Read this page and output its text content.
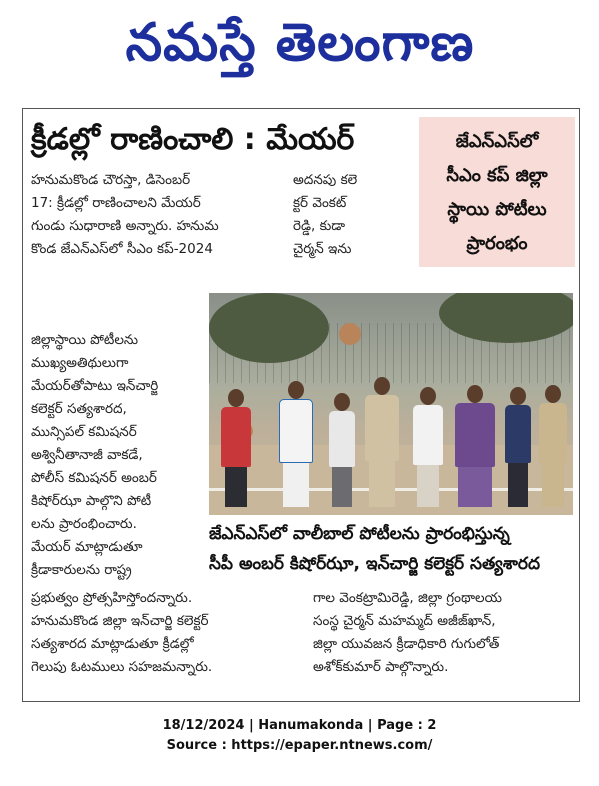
నమస్తే తెలంగాణ
క్రీడల్లో రాణించాలి : మేయర్	జేఎన్ఎస్‌లో
సీఎం కప్ జిల్లా
స్థాయి పోటీలు
ప్రారంభం

హనుమకొండ చౌరస్తా, డిసెంబర్

17: క్రీడల్లో రాణించాలని మేయర్

గుండు సుధారాణి అన్నారు. హనుమ

కొండ జేఎన్ఎస్‌లో సీఎం కప్-2024

అదనపు కలె

క్టర్ వెంకట్

రెడ్డి, కుడా

చైర్మన్ ఇను

జిల్లాస్థాయి పోటీలను

ముఖ్యఅతిథులుగా

మేయర్‌తోపాటు ఇన్‌చార్జి

కలెక్టర్ సత్యశారద,

మున్సిపల్ కమిషనర్

అశ్వినీతానాజీ వాకడే,

పోలీస్ కమిషనర్ అంబర్

కిషోర్‌ఝా పాల్గొని పోటీ

లను ప్రారంభించారు.

మేయర్ మాట్లాడుతూ

క్రీడాకారులను రాష్ట్ర

జేఎన్ఎస్‌లో వాలీబాల్ పోటీలను ప్రారంభిస్తున్న
సీపీ అంబర్ కిషోర్‌ఝా, ఇన్‌చార్జి కలెక్టర్ సత్యశారద

ప్రభుత్వం ప్రోత్సహిస్తోందన్నారు.

హనుమకొండ జిల్లా ఇన్‌చార్జి కలెక్టర్

సత్యశారద మాట్లాడుతూ క్రీడల్లో

గెలుపు ఓటములు సహజమన్నారు.

గాల వెంకట్రామిరెడ్డి, జిల్లా గ్రంథాలయ

సంస్థ చైర్మన్ మహమ్మద్ అజీజ్‌ఖాన్,

జిల్లా యువజన క్రీడాధికారి గుగులోత్

అశోక్‌కుమార్ పాల్గొన్నారు.

18/12/2024 | Hanumakonda | Page : 2
Source : https://epaper.ntnews.com/
